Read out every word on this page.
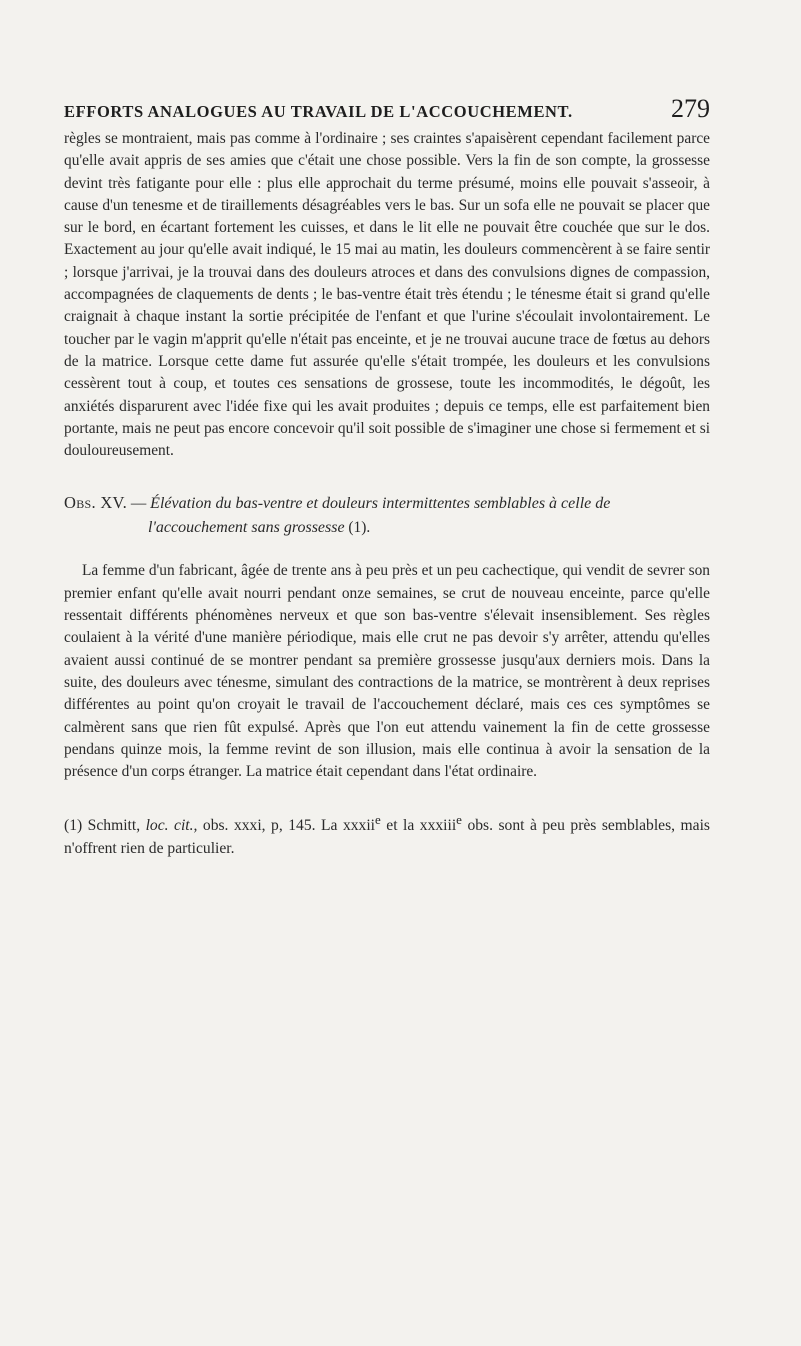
EFFORTS ANALOGUES AU TRAVAIL DE L'ACCOUCHEMENT.	279

règles se montraient, mais pas comme à l'ordinaire ; ses craintes s'apaisèrent cependant facilement parce qu'elle avait appris de ses amies que c'était une chose possible. Vers la fin de son compte, la grossesse devint très fatigante pour elle : plus elle approchait du terme présumé, moins elle pouvait s'asseoir, à cause d'un tenesme et de tiraillements désagréables vers le bas. Sur un sofa elle ne pouvait se placer que sur le bord, en écartant fortement les cuisses, et dans le lit elle ne pouvait être couchée que sur le dos. Exactement au jour qu'elle avait indiqué, le 15 mai au matin, les douleurs commencèrent à se faire sentir ; lorsque j'arrivai, je la trouvai dans des douleurs atroces et dans des convulsions dignes de compassion, accompagnées de claquements de dents ; le bas-ventre était très étendu ; le ténesme était si grand qu'elle craignait à chaque instant la sortie précipitée de l'enfant et que l'urine s'écoulait involontairement. Le toucher par le vagin m'apprit qu'elle n'était pas enceinte, et je ne trouvai aucune trace de fœtus au dehors de la matrice. Lorsque cette dame fut assurée qu'elle s'était trompée, les douleurs et les convulsions cessèrent tout à coup, et toutes ces sensations de grossese, toute les incommodités, le dégoût, les anxiétés disparurent avec l'idée fixe qui les avait produites ; depuis ce temps, elle est parfaitement bien portante, mais ne peut pas encore concevoir qu'il soit possible de s'imaginer une chose si fermement et si douloureusement.

Obs. XV. — Élévation du bas-ventre et douleurs intermittentes semblables à celle de l'accouchement sans grossesse (1).

La femme d'un fabricant, âgée de trente ans à peu près et un peu cachectique, qui vendit de sevrer son premier enfant qu'elle avait nourri pendant onze semaines, se crut de nouveau enceinte, parce qu'elle ressentait différents phénomènes nerveux et que son bas-ventre s'élevait insensiblement. Ses règles coulaient à la vérité d'une manière périodique, mais elle crut ne pas devoir s'y arrêter, attendu qu'elles avaient aussi continué de se montrer pendant sa première grossesse jusqu'aux derniers mois. Dans la suite, des douleurs avec ténesme, simulant des contractions de la matrice, se montrèrent à deux reprises différentes au point qu'on croyait le travail de l'accouchement déclaré, mais ces ces symptômes se calmèrent sans que rien fût expulsé. Après que l'on eut attendu vainement la fin de cette grossesse pendans quinze mois, la femme revint de son illusion, mais elle continua à avoir la sensation de la présence d'un corps étranger. La matrice était cependant dans l'état ordinaire.

(1) Schmitt, loc. cit., obs. xxxi, p, 145. La xxxii$^e$ et la xxxiii$^e$ obs. sont à peu près semblables, mais n'offrent rien de particulier.
